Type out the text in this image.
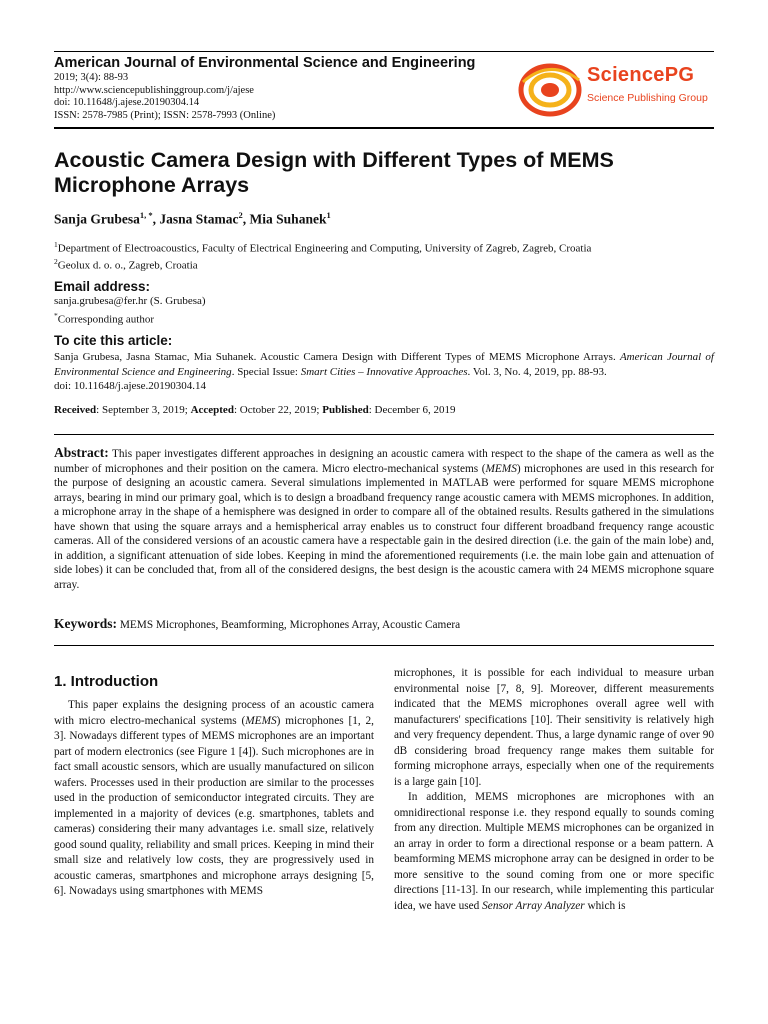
American Journal of Environmental Science and Engineering
2019; 3(4): 88-93
http://www.sciencepublishinggroup.com/j/ajese
doi: 10.11648/j.ajese.20190304.14
ISSN: 2578-7985 (Print); ISSN: 2578-7993 (Online)
SciencePG
Science Publishing Group
Acoustic Camera Design with Different Types of MEMS Microphone Arrays
Sanja Grubesa$^{1, *}$, Jasna Stamac$^2$, Mia Suhanek$^1$
$^1$Department of Electroacoustics, Faculty of Electrical Engineering and Computing, University of Zagreb, Zagreb, Croatia
$^2$Geolux d. o. o., Zagreb, Croatia
Email address:
sanja.grubesa@fer.hr (S. Grubesa)
*Corresponding author
To cite this article:
Sanja Grubesa, Jasna Stamac, Mia Suhanek. Acoustic Camera Design with Different Types of MEMS Microphone Arrays. American Journal of Environmental Science and Engineering. Special Issue: Smart Cities – Innovative Approaches. Vol. 3, No. 4, 2019, pp. 88-93.
doi: 10.11648/j.ajese.20190304.14
Received: September 3, 2019; Accepted: October 22, 2019; Published: December 6, 2019
Abstract: This paper investigates different approaches in designing an acoustic camera with respect to the shape of the camera as well as the number of microphones and their position on the camera. Micro electro-mechanical systems (MEMS) microphones are used in this research for the purpose of designing an acoustic camera. Several simulations implemented in MATLAB were performed for square MEMS microphone arrays, bearing in mind our primary goal, which is to design a broadband frequency range acoustic camera with MEMS microphones. In addition, a microphone array in the shape of a hemisphere was designed in order to compare all of the obtained results. Results gathered in the simulations have shown that using the square arrays and a hemispherical array enables us to construct four different broadband frequency range acoustic cameras. All of the considered versions of an acoustic camera have a respectable gain in the desired direction (i.e. the gain of the main lobe) and, in addition, a significant attenuation of side lobes. Keeping in mind the aforementioned requirements (i.e. the main lobe gain and attenuation of side lobes) it can be concluded that, from all of the considered designs, the best design is the acoustic camera with 24 MEMS microphone square array.
Keywords: MEMS Microphones, Beamforming, Microphones Array, Acoustic Camera
1. Introduction

This paper explains the designing process of an acoustic camera with micro electro-mechanical systems (MEMS) microphones [1, 2, 3]. Nowadays different types of MEMS microphones are an important part of modern electronics (see Figure 1 [4]). Such microphones are in fact small acoustic sensors, which are usually manufactured on silicon wafers. Processes used in their production are similar to the processes used in the production of semiconductor integrated circuits. They are implemented in a majority of devices (e.g. smartphones, tablets and cameras) considering their many advantages i.e. small size, relatively good sound quality, reliability and small prices. Keeping in mind their small size and relatively low costs, they are progressively used in acoustic cameras, smartphones and microphone arrays designing [5, 6]. Nowadays using smartphones with MEMS

microphones, it is possible for each individual to measure urban environmental noise [7, 8, 9]. Moreover, different measurements indicated that the MEMS microphones overall agree well with manufacturers' specifications [10]. Their sensitivity is relatively high and very frequency dependent. Thus, a large dynamic range of over 90 dB considering broad frequency range makes them suitable for forming microphone arrays, especially when one of the requirements is a large gain [10].

In addition, MEMS microphones are microphones with an omnidirectional response i.e. they respond equally to sounds coming from any direction. Multiple MEMS microphones can be organized in an array in order to form a directional response or a beam pattern. A beamforming MEMS microphone array can be designed in order to be more sensitive to the sound coming from one or more specific directions [11-13]. In our research, while implementing this particular idea, we have used Sensor Array Analyzer which is
